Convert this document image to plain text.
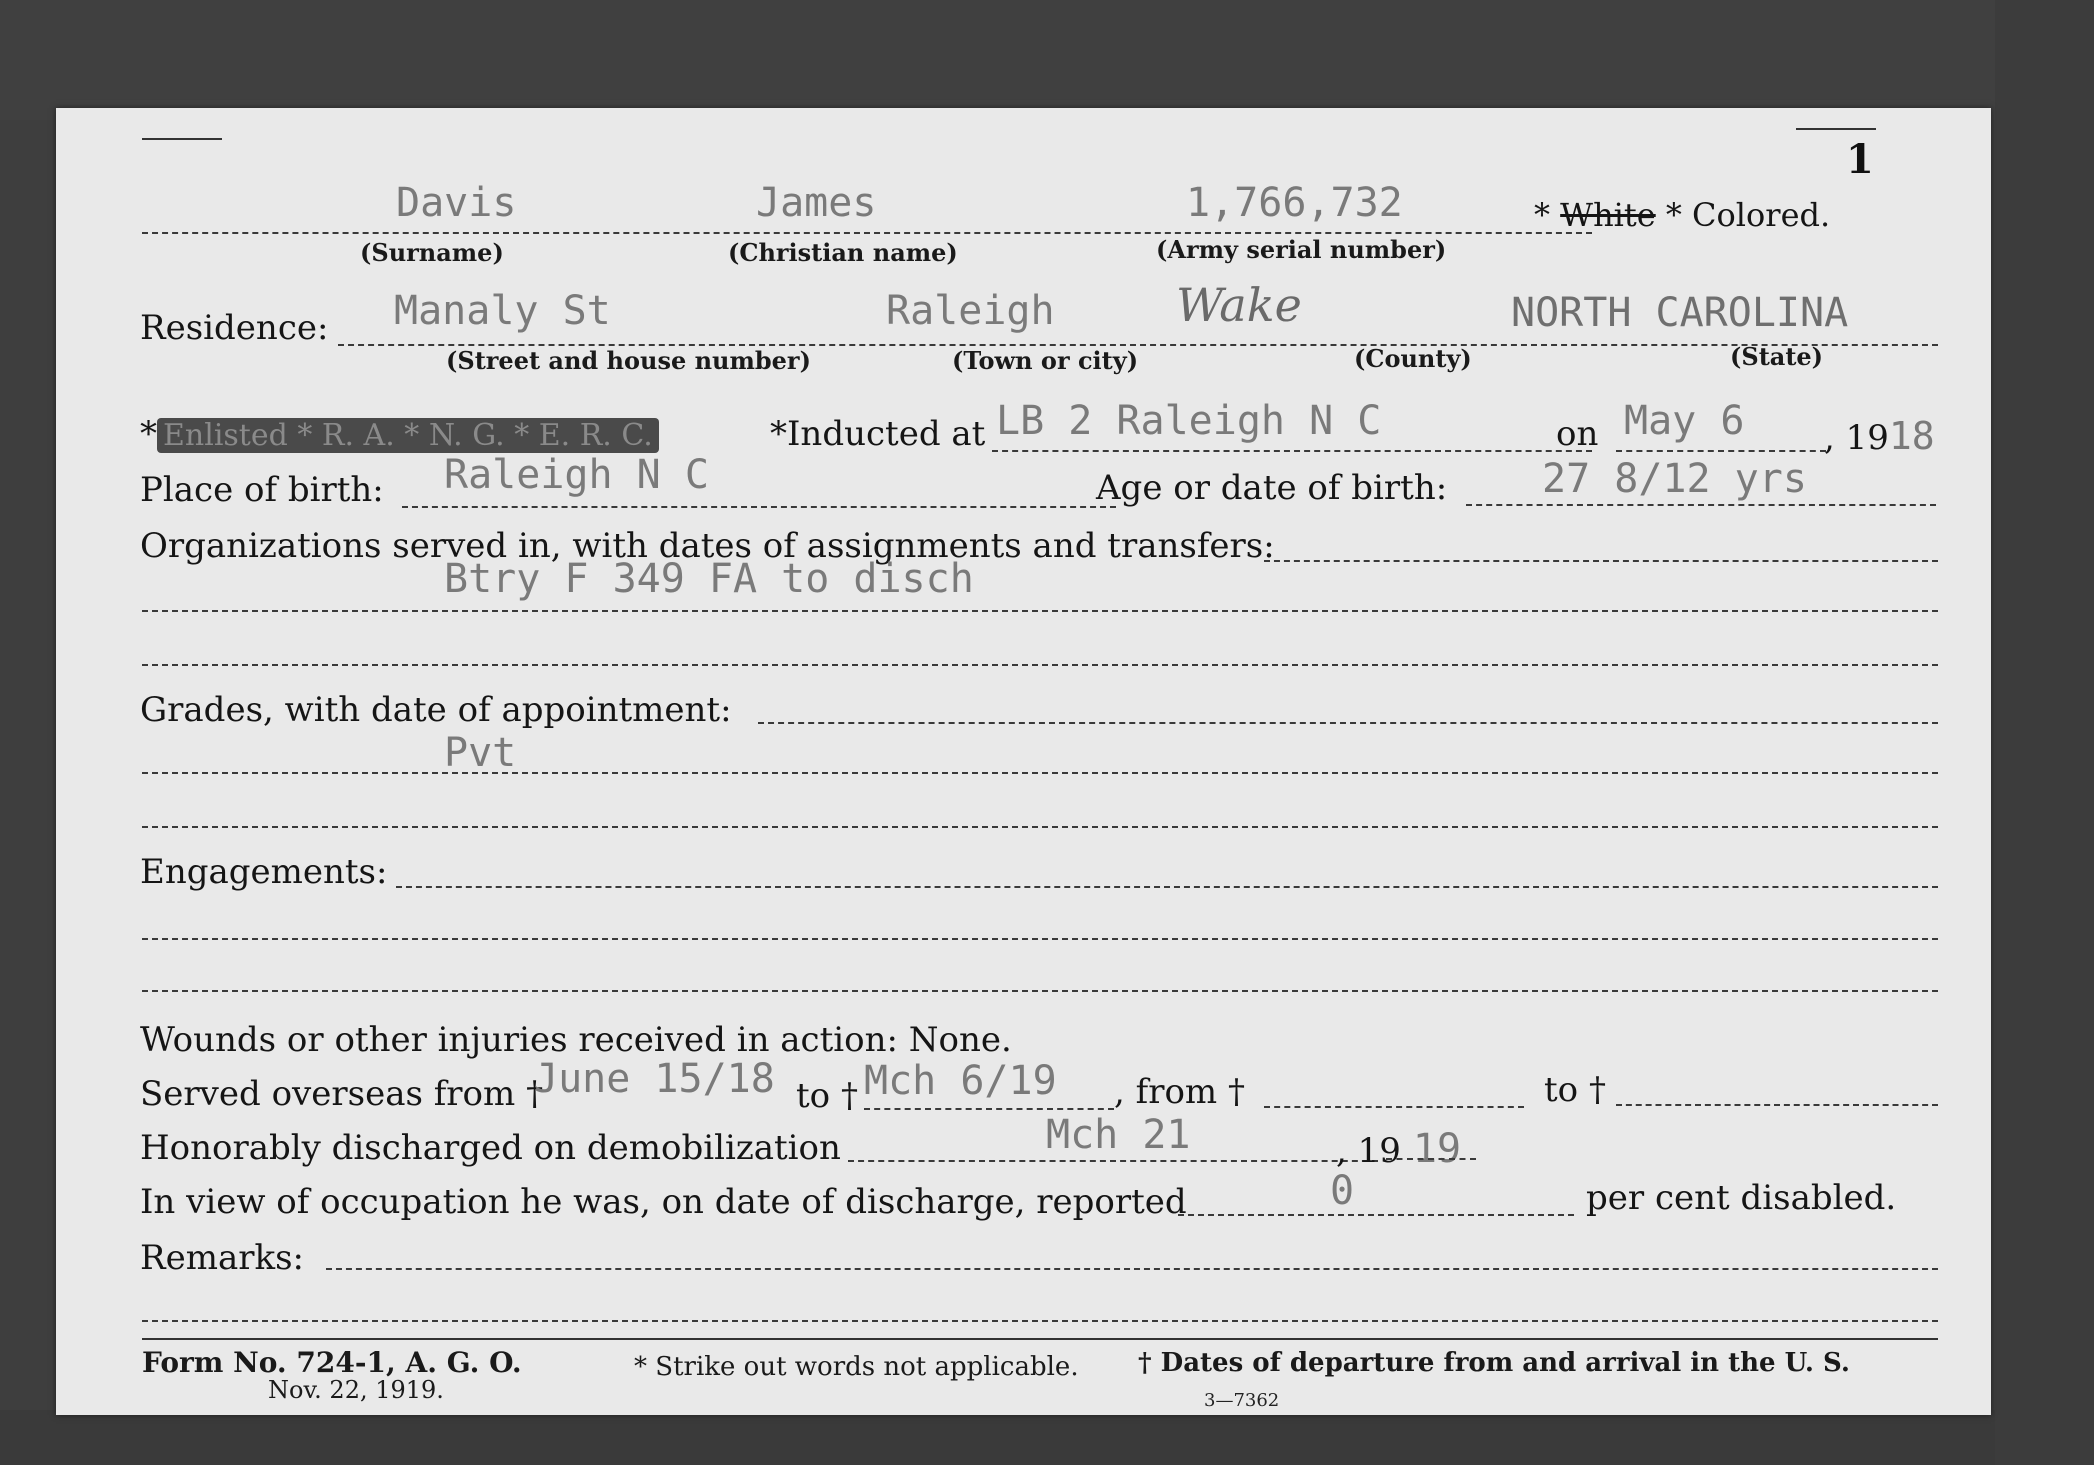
1
Davis	James	1,766,732	* White * Colored.
(Surname)	(Christian name)	(Army serial number)
Residence: Manaly St	Raleigh	Wake	NORTH CAROLINA
(Street and house number)	(Town or city)	(County)	(State)
* Enlisted * R. A. * N. G. * E. R. C.	*Inducted at LB 2 Raleigh N C	on May 6 , 1918
Place of birth: Raleigh N C	Age or date of birth: 27 8/12 yrs
Organizations served in, with dates of assignments and transfers:
Btry F 349 FA to disch
Grades, with date of appointment:
Pvt
Engagements:
Wounds or other injuries received in action: None.
Served overseas from †
June 15/18 to † Mch 6/19 , from †	to †
Honorably discharged on demobilization	Mch 21	, 19 19
In view of occupation he was, on date of discharge, reported	0	per cent disabled.
Remarks:
Form No. 724-1, A. G. O.
Nov. 22, 1919.
* Strike out words not applicable. † Dates of departure from and arrival in the U. S.
3—7362
